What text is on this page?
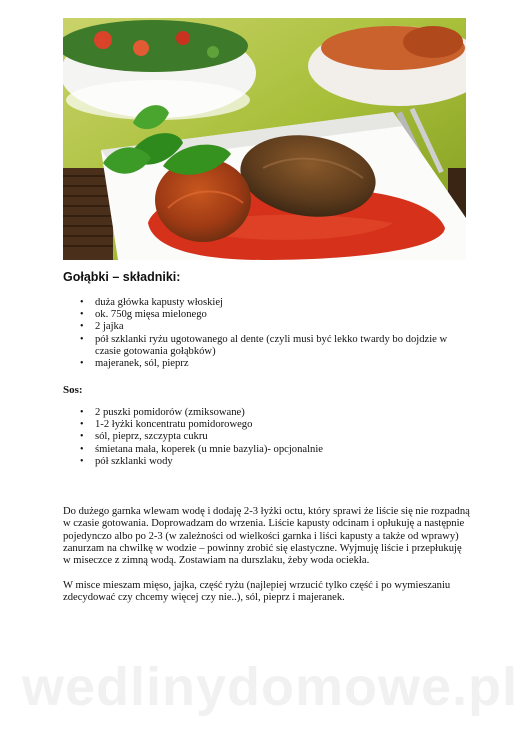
Gołąbki – składniki:
• duża główka kapusty włoskiej
• ok. 750g mięsa mielonego
• 2 jajka
• pół szklanki ryżu ugotowanego al dente (czyli musi być lekko twardy bo dojdzie w czasie gotowania gołąbków)
• majeranek, sól, pieprz
Sos:
• 2 puszki pomidorów (zmiksowane)
• 1-2 łyżki koncentratu pomidorowego
• sól, pieprz, szczypta cukru
• śmietana mała, koperek (u mnie bazylia)- opcjonalnie
• pół szklanki wody

Do dużego garnka wlewam wodę i dodaję 2-3 łyżki octu, który sprawi że liście się nie rozpadną w czasie gotowania. Doprowadzam do wrzenia. Liście kapusty odcinam i opłukuję a następnie pojedynczo albo po 2-3 (w zależności od wielkości garnka i liści kapusty a także od wprawy) zanurzam na chwilkę w wodzie – powinny zrobić się elastyczne. Wyjmuję liście i przepłukuję w miseczce z zimną wodą. Zostawiam na durszlaku, żeby woda ociekła.

W misce mieszam mięso, jajka, część ryżu (najlepiej wrzucić tylko część i po wymieszaniu zdecydować czy chcemy więcej czy nie..), sól, pieprz i majeranek.

wedlinydomowe.pl
